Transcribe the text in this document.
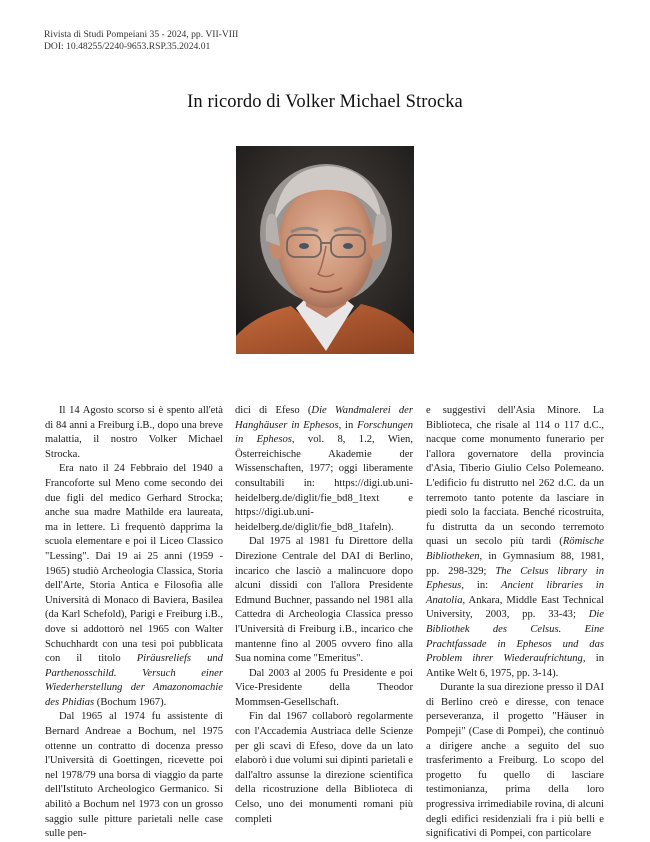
Rivista di Studi Pompeiani 35 - 2024, pp. VII-VIII
DOI: 10.48255/2240-9653.RSP.35.2024.01
In ricordo di Volker Michael Strocka

Il 14 Agosto scorso si è spento all'età di 84 anni a Freiburg i.B., dopo una breve malattia, il nostro Volker Michael Strocka.

Era nato il 24 Febbraio del 1940 a Francoforte sul Meno come secondo dei due figli del medico Gerhard Strocka; anche sua madre Mathilde era laureata, ma in lettere. Lì frequentò dapprima la scuola elementare e poi il Liceo Classico "Lessing". Dai 19 ai 25 anni (1959 - 1965) studiò Archeologia Classica, Storia dell'Arte, Storia Antica e Filosofia alle Università di Monaco di Baviera, Basilea (da Karl Schefold), Parigi e Freiburg i.B., dove si addottorò nel 1965 con Walter Schuchhardt con una tesi poi pubblicata con il titolo Piräusreliefs und Parthenosschild. Versuch einer Wiederherstellung der Amazonomachie des Phidias (Bochum 1967).

Dal 1965 al 1974 fu assistente di Bernard Andreae a Bochum, nel 1975 ottenne un contratto di docenza presso l'Università di Goettingen, ricevette poi nel 1978/79 una borsa di viaggio da parte dell'Istituto Archeologico Germanico. Si abilitò a Bochum nel 1973 con un grosso saggio sulle pitture parietali nelle case sulle pen-

dici di Efeso (Die Wandmalerei der Hanghäuser in Ephesos, in Forschungen in Ephesos, vol. 8, 1.2, Wien, Österreichische Akademie der Wissenschaften, 1977; oggi liberamente consultabili in: https://digi.ub.uni-heidelberg.de/diglit/fie_bd8_1text e https://digi.ub.uni-heidelberg.de/diglit/fie_bd8_1tafeln).

Dal 1975 al 1981 fu Direttore della Direzione Centrale del DAI di Berlino, incarico che lasciò a malincuore dopo alcuni dissidi con l'allora Presidente Edmund Buchner, passando nel 1981 alla Cattedra di Archeologia Classica presso l'Università di Freiburg i.B., incarico che mantenne fino al 2005 ovvero fino alla Sua nomina come "Emeritus".

Dal 2003 al 2005 fu Presidente e poi Vice-Presidente della Theodor Mommsen-Gesellschaft.

Fin dal 1967 collaborò regolarmente con l'Accademia Austriaca delle Scienze per gli scavi di Efeso, dove da un lato elaborò i due volumi sui dipinti parietali e dall'altro assunse la direzione scientifica della ricostruzione della Biblioteca di Celso, uno dei monumenti romani più completi

e suggestivi dell'Asia Minore. La Biblioteca, che risale al 114 o 117 d.C., nacque come monumento funerario per l'allora governatore della provincia d'Asia, Tiberio Giulio Celso Polemeano. L'edificio fu distrutto nel 262 d.C. da un terremoto tanto potente da lasciare in piedi solo la facciata. Benché ricostruita, fu distrutta da un secondo terremoto quasi un secolo più tardi (Römische Bibliotheken, in Gymnasium 88, 1981, pp. 298-329; The Celsus library in Ephesus, in: Ancient libraries in Anatolia, Ankara, Middle East Technical University, 2003, pp. 33-43; Die Bibliothek des Celsus. Eine Prachtfassade in Ephesos und das Problem ihrer Wiederaufrichtung, in Antike Welt 6, 1975, pp. 3-14).

Durante la sua direzione presso il DAI di Berlino creò e diresse, con tenace perseveranza, il progetto "Häuser in Pompeji" (Case di Pompei), che continuò a dirigere anche a seguito del suo trasferimento a Freiburg. Lo scopo del progetto fu quello di lasciare testimonianza, prima della loro progressiva irrimediabile rovina, di alcuni degli edifici residenziali fra i più belli e significativi di Pompei, con particolare
